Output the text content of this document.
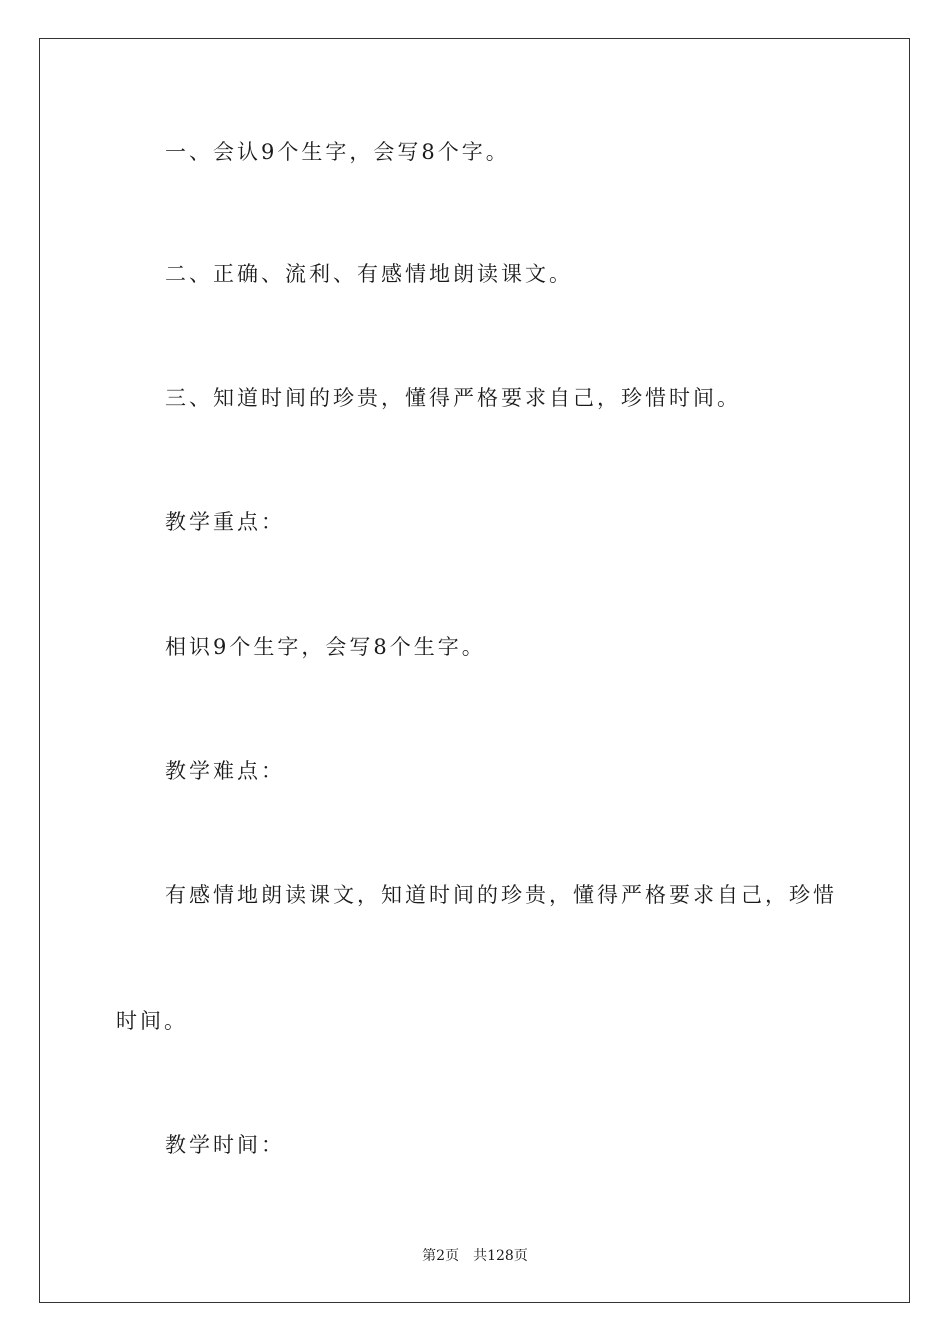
一、会认9个生字，会写8个字。
二、正确、流利、有感情地朗读课文。
三、知道时间的珍贵，懂得严格要求自己，珍惜时间。
教学重点：
相识9个生字，会写8个生字。
教学难点：
有感情地朗读课文，知道时间的珍贵，懂得严格要求自己，珍惜
时间。
教学时间：
第2页 共128页
